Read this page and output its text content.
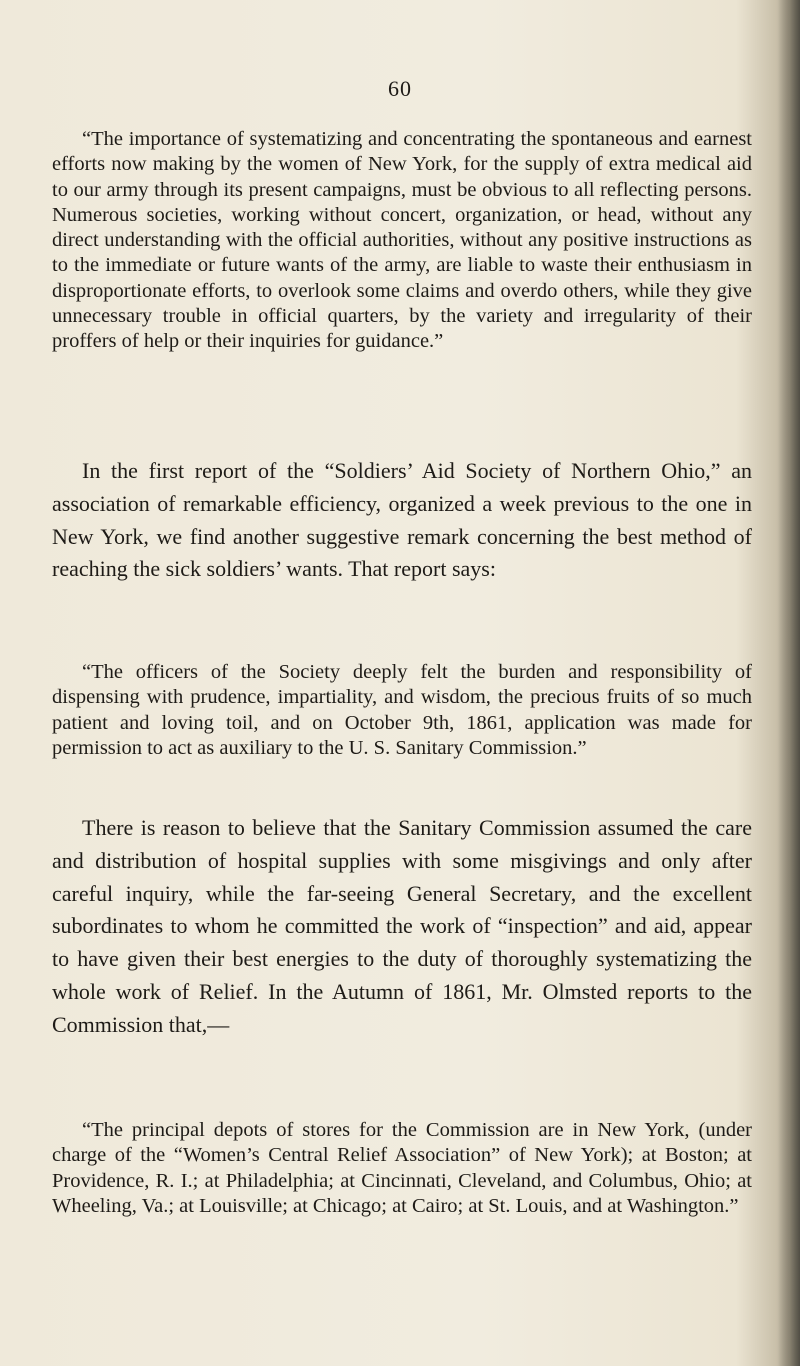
60

“The importance of systematizing and concentrating the spontaneous and earnest efforts now making by the women of New York, for the supply of extra medical aid to our army through its present campaigns, must be obvious to all reflecting persons. Numerous societies, working without concert, organization, or head, without any direct understanding with the official authorities, without any positive instructions as to the immediate or future wants of the army, are liable to waste their enthusiasm in disproportionate efforts, to overlook some claims and overdo others, while they give unnecessary trouble in official quarters, by the variety and irregularity of their proffers of help or their inquiries for guidance.”

In the first report of the “Soldiers’ Aid Society of Northern Ohio,” an association of remarkable efficiency, organized a week previous to the one in New York, we find another suggestive remark concerning the best method of reaching the sick soldiers’ wants. That report says:

“The officers of the Society deeply felt the burden and responsibility of dispensing with prudence, impartiality, and wisdom, the precious fruits of so much patient and loving toil, and on October 9th, 1861, application was made for permission to act as auxiliary to the U. S. Sanitary Commission.”

There is reason to believe that the Sanitary Commission assumed the care and distribution of hospital supplies with some misgivings and only after careful inquiry, while the far-seeing General Secretary, and the excellent subordinates to whom he committed the work of “inspection” and aid, appear to have given their best energies to the duty of thoroughly systematizing the whole work of Relief. In the Autumn of 1861, Mr. Olmsted reports to the Commission that,—

“The principal depots of stores for the Commission are in New York, (under charge of the “Women’s Central Relief Association” of New York); at Boston; at Providence, R. I.; at Philadelphia; at Cincinnati, Cleveland, and Columbus, Ohio; at Wheeling, Va.; at Louisville; at Chicago; at Cairo; at St. Louis, and at Washington.”
